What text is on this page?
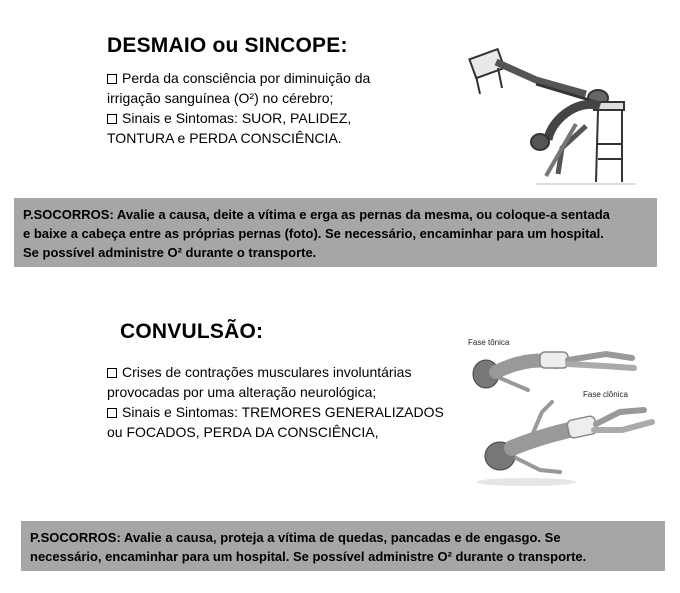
DESMAIO ou SINCOPE:
Perda da consciência por diminuição da
irrigação sanguínea (O²) no cérebro;
Sinais e Sintomas: SUOR, PALIDEZ,
TONTURA e PERDA CONSCIÊNCIA.
P.SOCORROS: Avalie a causa, deite a vítima e erga as pernas da mesma, ou coloque-a sentada
e baixe a cabeça entre as próprias pernas (foto). Se necessário, encaminhar para um hospital.
Se possível administre O² durante o transporte.
CONVULSÃO:
Crises de contrações musculares involuntárias
provocadas por uma alteração neurológica;
Sinais e Sintomas: TREMORES GENERALIZADOS
ou FOCADOS, PERDA DA CONSCIÊNCIA,
Fase tônica
Fase clônica
P.SOCORROS: Avalie a causa, proteja a vítima de quedas, pancadas e de engasgo. Se
necessário, encaminhar para um hospital. Se possível administre O² durante o transporte.
